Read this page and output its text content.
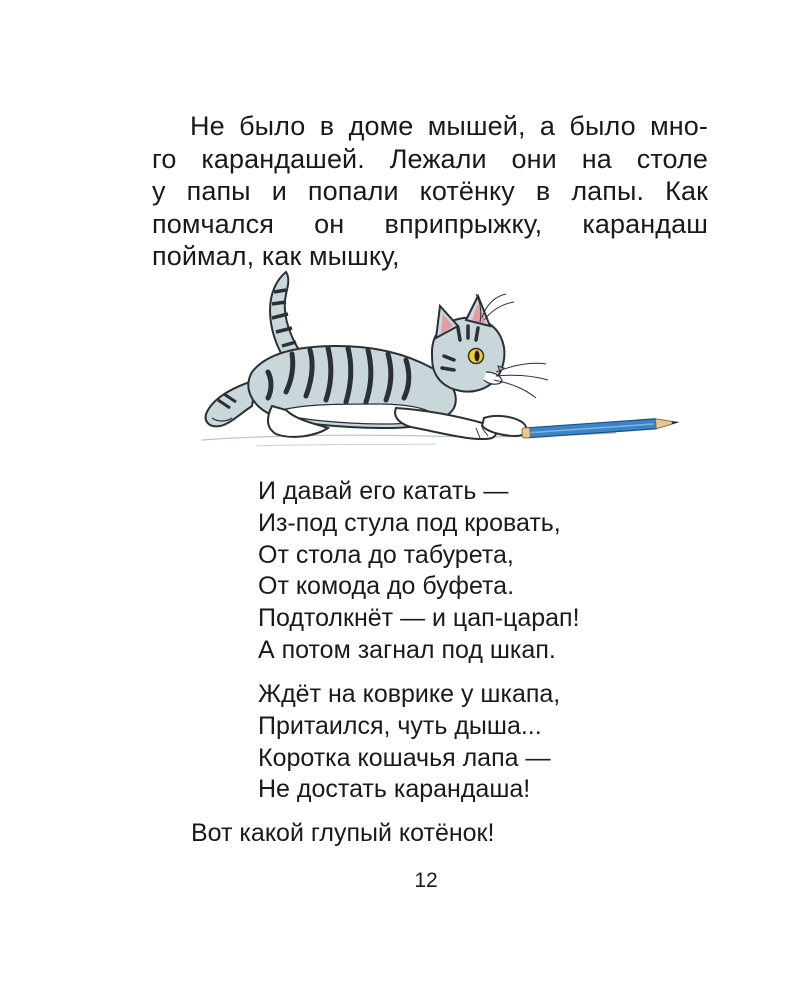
Не было в доме мышей, а было мно-
го карандашей. Лежали они на столе
у папы и попали котёнку в лапы. Как
помчался он вприпрыжку, карандаш
поймал, как мышку,
И давай его катать —
Из-под стула под кровать,
От стола до табурета,
От комода до буфета.
Подтолкнёт — и цап-царап!
А потом загнал под шкап.
Ждёт на коврике у шкапа,
Притаился, чуть дыша...
Коротка кошачья лапа —
Не достать карандаша!
Вот какой глупый котёнок!
12
